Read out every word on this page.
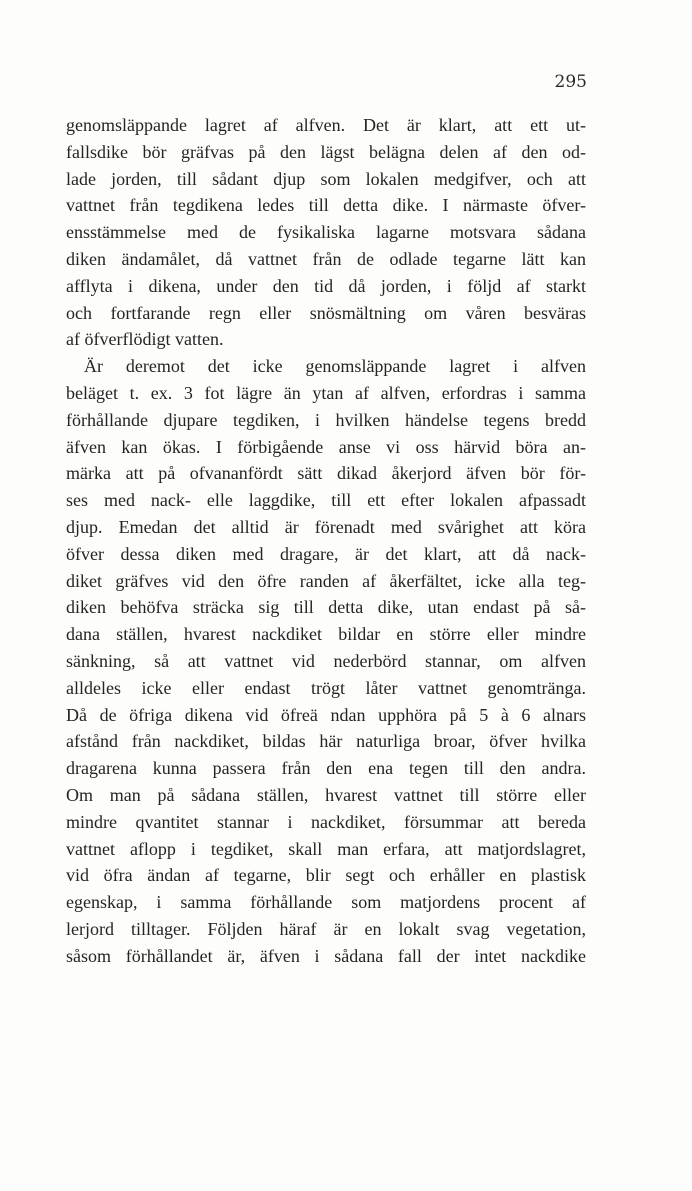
295
genomsläppande lagret af alfven. Det är klart, att ett ut-
fallsdike bör gräfvas på den lägst belägna delen af den od-
lade jorden, till sådant djup som lokalen medgifver, och att
vattnet från tegdikena ledes till detta dike. I närmaste öfver-
ensstämmelse med de fysikaliska lagarne motsvara sådana
diken ändamålet, då vattnet från de odlade tegarne lätt kan
afflyta i dikena, under den tid då jorden, i följd af starkt
och fortfarande regn eller snösmältning om våren besväras
af öfverflödigt vatten.
Är deremot det icke genomsläppande lagret i alfven
beläget t. ex. 3 fot lägre än ytan af alfven, erfordras i samma
förhållande djupare tegdiken, i hvilken händelse tegens bredd
äfven kan ökas. I förbigående anse vi oss härvid böra an-
märka att på ofvananfördt sätt dikad åkerjord äfven bör för-
ses med nack- elle laggdike, till ett efter lokalen afpassadt
djup. Emedan det alltid är förenadt med svårighet att köra
öfver dessa diken med dragare, är det klart, att då nack-
diket gräfves vid den öfre randen af åkerfältet, icke alla teg-
diken behöfva sträcka sig till detta dike, utan endast på så-
dana ställen, hvarest nackdiket bildar en större eller mindre
sänkning, så att vattnet vid nederbörd stannar, om alfven
alldeles icke eller endast trögt låter vattnet genomtränga.
Då de öfriga dikena vid öfreä ndan upphöra på 5 à 6 alnars
afstånd från nackdiket, bildas här naturliga broar, öfver hvilka
dragarena kunna passera från den ena tegen till den andra.
Om man på sådana ställen, hvarest vattnet till större eller
mindre qvantitet stannar i nackdiket, försummar att bereda
vattnet aflopp i tegdiket, skall man erfara, att matjordslagret,
vid öfra ändan af tegarne, blir segt och erhåller en plastisk
egenskap, i samma förhållande som matjordens procent af
lerjord tilltager. Följden häraf är en lokalt svag vegetation,
såsom förhållandet är, äfven i sådana fall der intet nackdike
